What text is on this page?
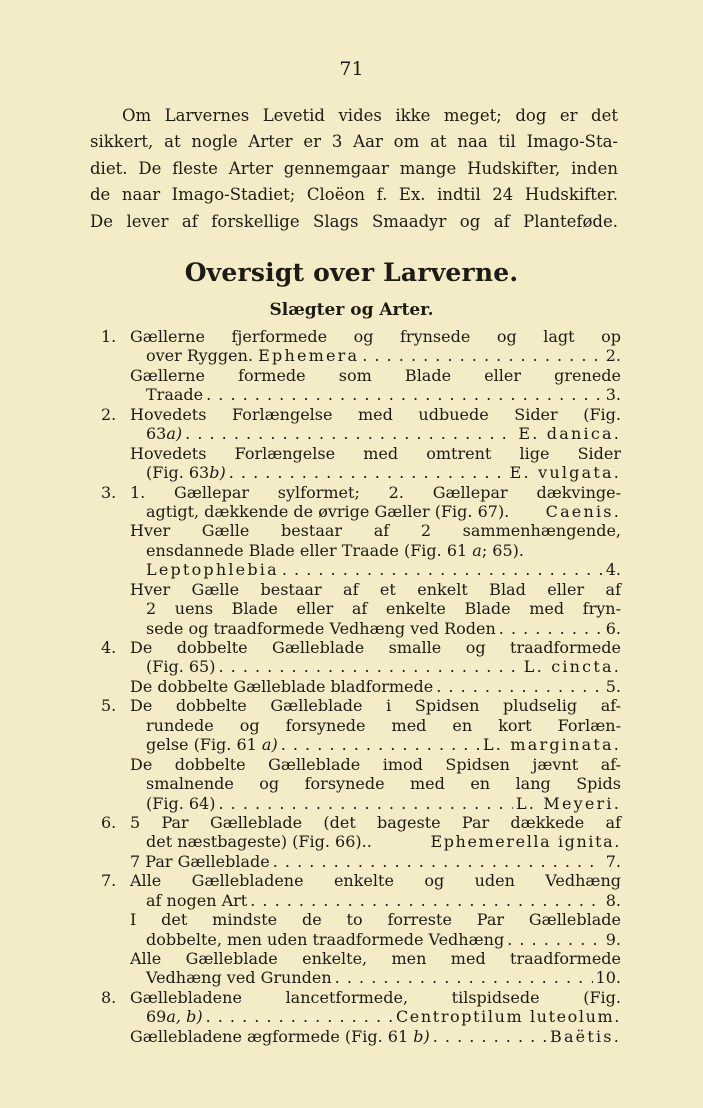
71
Om Larvernes Levetid vides ikke meget; dog er det
sikkert, at nogle Arter er 3 Aar om at naa til Imago-Sta-
diet. De fleste Arter gennemgaar mange Hudskifter, inden
de naar Imago-Stadiet; Cloëon f. Ex. indtil 24 Hudskifter.
De lever af forskellige Slags Smaadyr og af Plantefødе.
Oversigt over Larverne.
Slægter og Arter.
1. Gællerne fjerformede og frynsede og lagt op
over Ryggen.
Ephemera . . .	2.
Gællerne formede som Blade eller grenede
Traade . . .	3.
2. Hovedets Forlængelse med udbuede Sider (Fig.
63a) . . .	E. danica.
Hovedets Forlængelse med omtrent lige Sider
(Fig. 63b) . . .	E. vulgata.
3. 1. Gællepar sylformet; 2. Gællepar dækvinge-
agtigt, dækkende de øvrige Gæller (Fig. 67). Caenis.
Hver Gælle bestaar af 2 sammenhængende,
ensdannede Blade eller Traade (Fig. 61 a; 65).
Leptophlebia . . .	4.
Hver Gælle bestaar af et enkelt Blad eller af
2 uens Blade eller af enkelte Blade med fryn-
sede og traadformede Vedhæng ved Roden . . .	6.
4. De dobbelte Gælleblade smalle og traadformede
(Fig. 65) . . .	L. cincta.
De dobbelte Gælleblade bladformede . . .	5.
5. De dobbelte Gælleblade i Spidsen pludselig af-
rundede og forsynede med en kort Forlæn-
gelse (Fig. 61 a) . . .	L. marginata.
De dobbelte Gælleblade imod Spidsen jævnt af-
smalnende og forsynede med en lang Spids
(Fig. 64) . . .	L. Meyeri.
6. 5 Par Gælleblade (det bageste Par dækkede af
det næstbageste) (Fig. 66)..	Ephemerella ignita.
7 Par Gælleblade . . .	7.
7. Alle Gællebladene enkelte og uden Vedhæng
af nogen Art . . .	8.
I det mindste de to forreste Par Gælleblade
dobbelte, men uden traadformede Vedhæng . . .	9.
Alle Gælleblade enkelte, men med traadformede
Vedhæng ved Grunden . . .	10.
8. Gællebladene lancetformede, tilspidsede (Fig.
69a, b) . . .	Centroptilum luteolum.
Gællebladene ægformede (Fig. 61 b) . . .	Baëtis.
